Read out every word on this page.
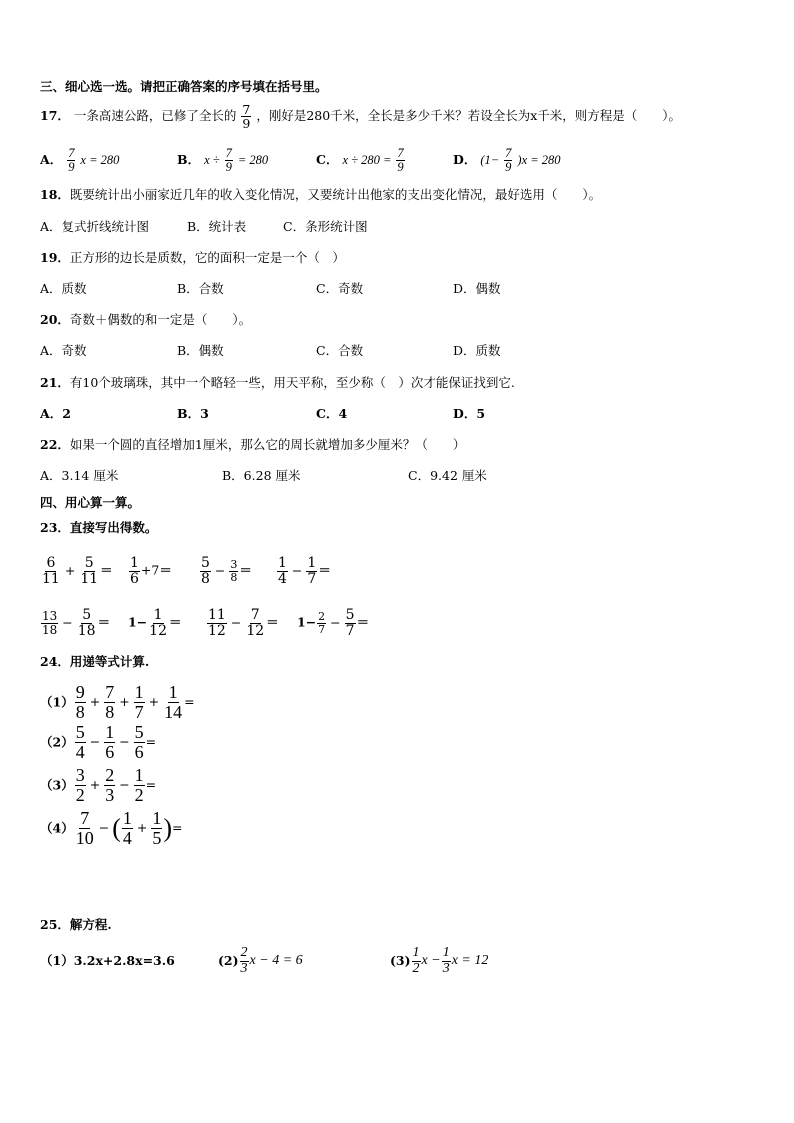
三、细心选一选。请把正确答案的序号填在括号里。
17． 一条高速公路，已修了全长的 $\frac{7}{9}$ ，刚好是280千米，全长是多少千米？若设全长为x千米，则方程是（　　）。
A． $\frac{7}{9}$ x = 280	B． $x \div \frac{7}{9} = 280$	C． $x \div 280 = \frac{7}{9}$	D． $(1- \frac{7}{9} )x = 280$
18．既要统计出小丽家近几年的收入变化情况，又要统计出他家的支出变化情况，最好选用（　　）。
A．复式折线统计图	B．统计表	C．条形统计图
19．正方形的边长是质数，它的面积一定是一个（　）
A．质数	B．合数	C．奇数	D．偶数
20．奇数＋偶数的和一定是（　　）。
A．奇数	B．偶数	C．合数	D．质数
21．有10个玻璃珠，其中一个略轻一些，用天平称，至少称（　）次才能保证找到它.
A．2	B．3	C．4	D．5
22．如果一个圆的直径增加1厘米，那么它的周长就增加多少厘米？（　　）
A．3.14 厘米	B．6.28 厘米	C．9.42 厘米
四、用心算一算。
23．直接写出得数。
$\frac{6}{11} + \frac{5}{11} = \frac{1}{6} +7= \frac{5}{8} - \frac{3}{8} = \frac{1}{4} - \frac{1}{7}$ ＝
$\frac{13}{18} - \frac{5}{18} = 1- \frac{1}{12} = \frac{11}{12} - \frac{7}{12} = 1- \frac{2}{7} - \frac{5}{7}$ ＝
24．用递等式计算.
$(1) \frac{9}{8} + \frac{7}{8} + \frac{1}{7} + \frac{1}{14}$ =
$(2) \frac{5}{4} - \frac{1}{6} - \frac{5}{6}$ =
$(3) \frac{3}{2} + \frac{2}{3} - \frac{1}{2}$ =
$(4) \frac{7}{10}$ − ( $\frac{1}{4} + \frac{1}{5}$ )=
25．解方程.
（1）3.2x+2.8x=3.6	$(2) \frac{2}{3}$ x − 4 = 6	$(3) \frac{1}{2}$ $x - \frac{1}{3}$ x = 12
